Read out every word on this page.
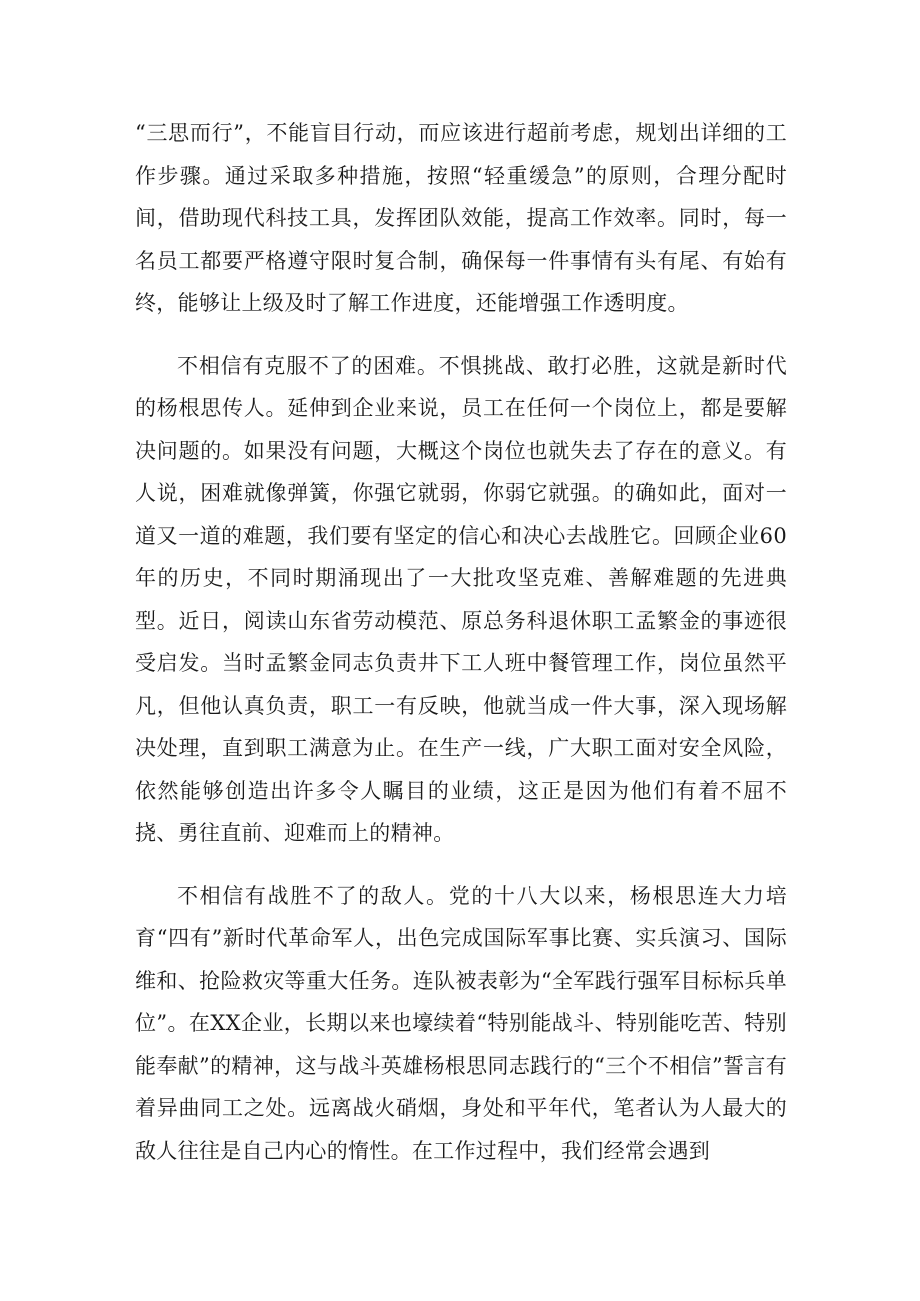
“三思而行”，不能盲目行动，而应该进行超前考虑，规划出详细的工作步骤。通过采取多种措施，按照“轻重缓急”的原则，合理分配时间，借助现代科技工具，发挥团队效能，提高工作效率。同时，每一名员工都要严格遵守限时复合制，确保每一件事情有头有尾、有始有终，能够让上级及时了解工作进度，还能增强工作透明度。

不相信有克服不了的困难。不惧挑战、敢打必胜，这就是新时代的杨根思传人。延伸到企业来说，员工在任何一个岗位上，都是要解决问题的。如果没有问题，大概这个岗位也就失去了存在的意义。有人说，困难就像弹簧，你强它就弱，你弱它就强。的确如此，面对一道又一道的难题，我们要有坚定的信心和决心去战胜它。回顾企业60年的历史，不同时期涌现出了一大批攻坚克难、善解难题的先进典型。近日，阅读山东省劳动模范、原总务科退休职工孟繁金的事迹很受启发。当时孟繁金同志负责井下工人班中餐管理工作，岗位虽然平凡，但他认真负责，职工一有反映，他就当成一件大事，深入现场解决处理，直到职工满意为止。在生产一线，广大职工面对安全风险，依然能够创造出许多令人瞩目的业绩，这正是因为他们有着不屈不挠、勇往直前、迎难而上的精神。

不相信有战胜不了的敌人。党的十八大以来，杨根思连大力培育“四有”新时代革命军人，出色完成国际军事比赛、实兵演习、国际维和、抢险救灾等重大任务。连队被表彰为“全军践行强军目标标兵单位”。在XX企业，长期以来也壕续着“特别能战斗、特别能吃苦、特别能奉献”的精神，这与战斗英雄杨根思同志践行的“三个不相信”誓言有着异曲同工之处。远离战火硝烟，身处和平年代，笔者认为人最大的敌人往往是自己内心的惰性。在工作过程中，我们经常会遇到
